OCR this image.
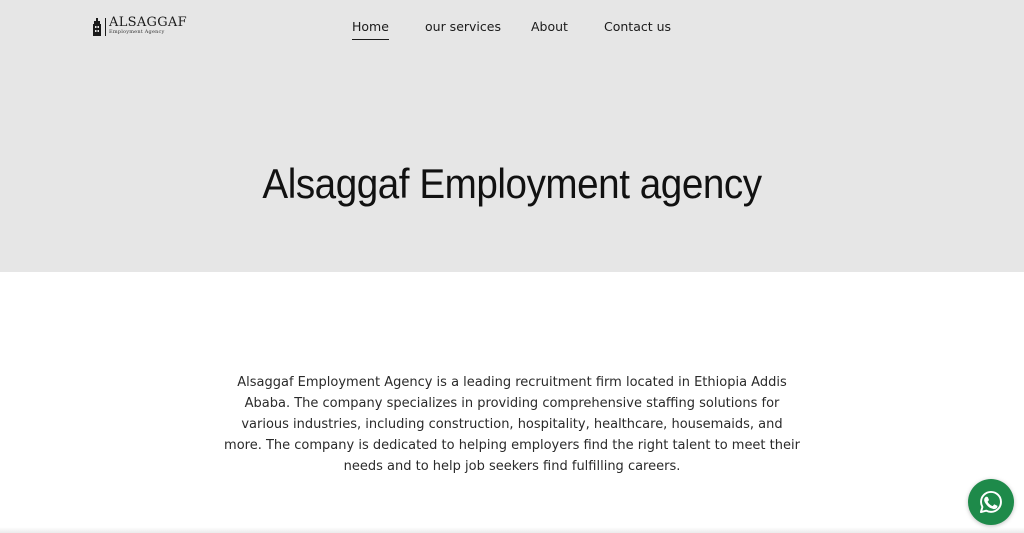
ALSAGGAF
Employment Agency	Home	our services About	Contact us
Alsaggaf Employment agency

Alsaggaf Employment Agency is a leading recruitment firm located in Ethiopia Addis Ababa. The company specializes in providing comprehensive staffing solutions for various industries, including construction, hospitality, healthcare, housemaids, and more. The company is dedicated to helping employers find the right talent to meet their needs and to help job seekers find fulfilling careers.
